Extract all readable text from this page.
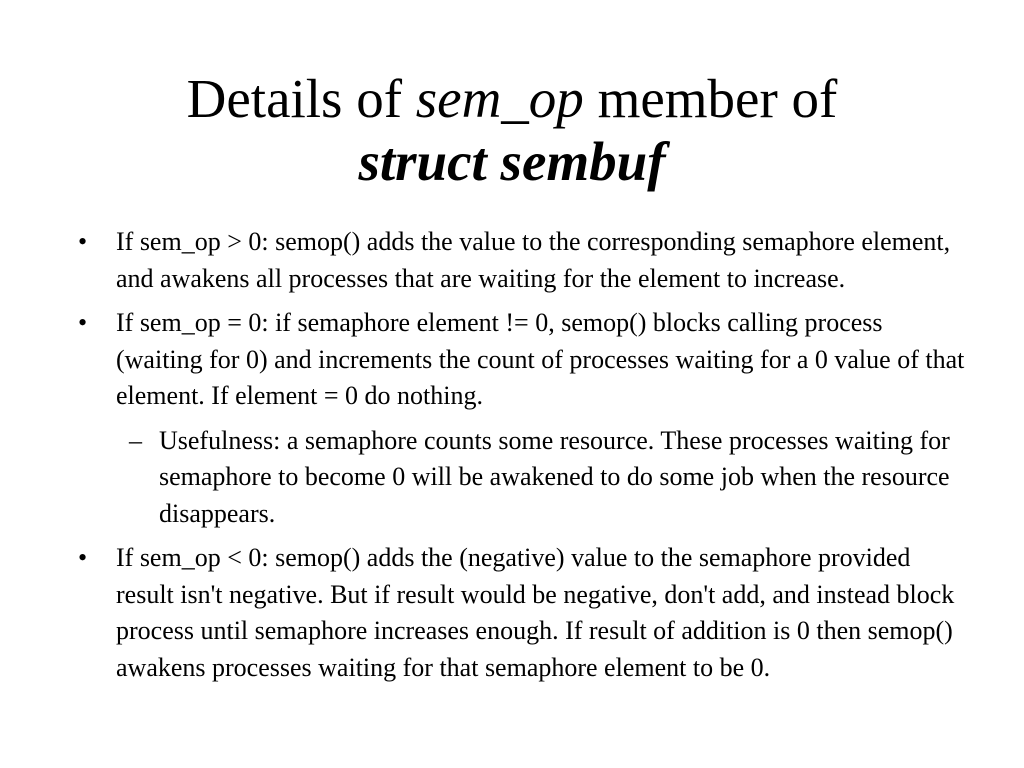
Details of sem_op member of
struct sembuf
• If sem_op > 0: semop() adds the value to the corresponding semaphore element, and awakens all processes that are waiting for the element to increase.
• If sem_op = 0: if semaphore element != 0, semop() blocks calling process (waiting for 0) and increments the count of processes waiting for a 0 value of that element. If element = 0 do nothing.
– Usefulness: a semaphore counts some resource. These processes waiting for semaphore to become 0 will be awakened to do some job when the resource disappears.
• If sem_op < 0: semop() adds the (negative) value to the semaphore provided result isn't negative. But if result would be negative, don't add, and instead block process until semaphore increases enough. If result of addition is 0 then semop() awakens processes waiting for that semaphore element to be 0.
